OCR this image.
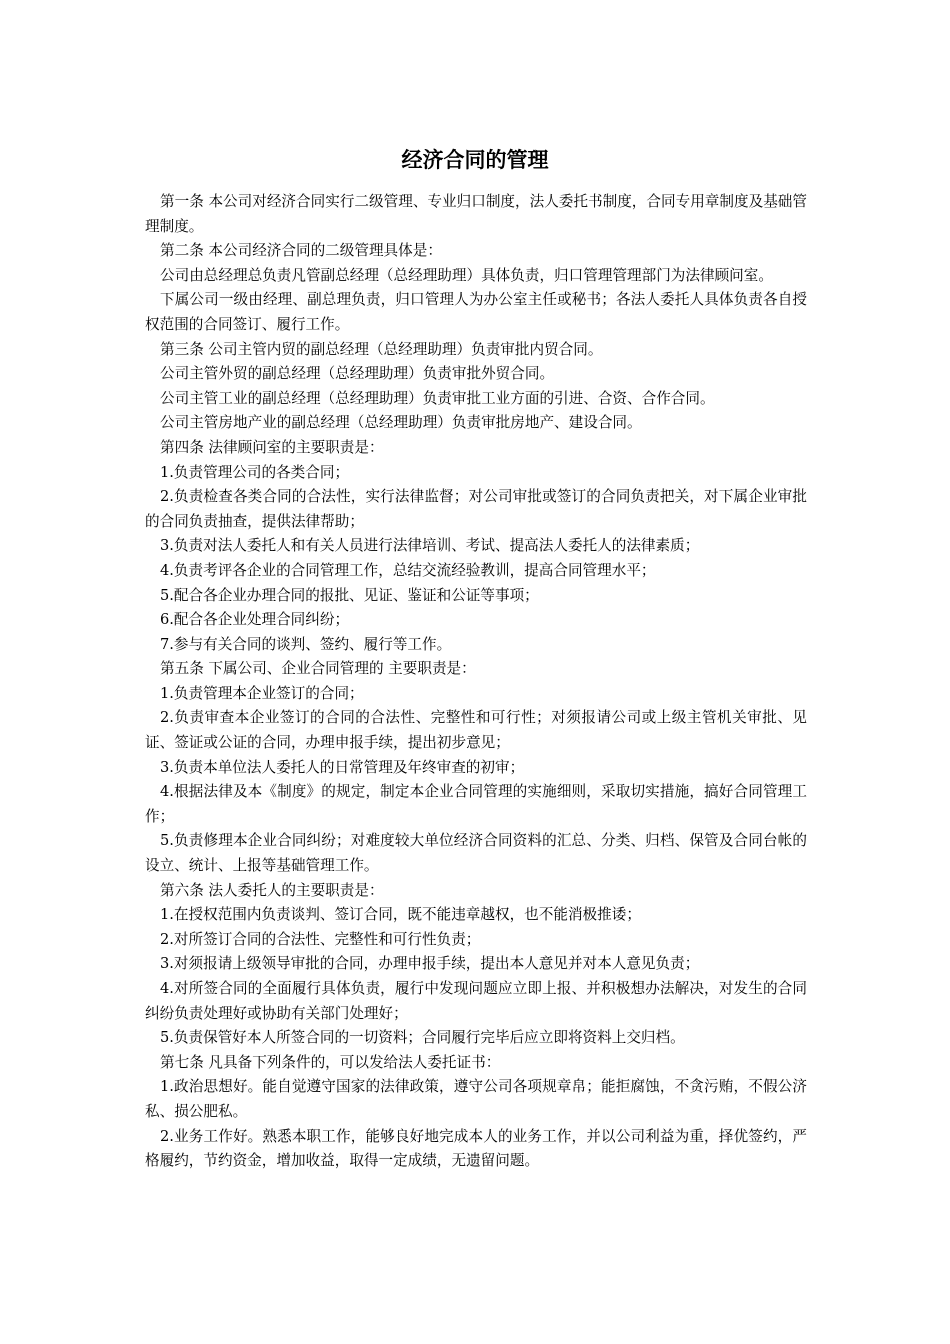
经济合同的管理

第一条 本公司对经济合同实行二级管理、专业归口制度，法人委托书制度，合同专用章制度及基础管理制度。

第二条 本公司经济合同的二级管理具体是：

公司由总经理总负责凡管副总经理（总经理助理）具体负责，归口管理管理部门为法律顾问室。

下属公司一级由经理、副总理负责，归口管理人为办公室主任或秘书；各法人委托人具体负责各自授权范围的合同签订、履行工作。

第三条 公司主管内贸的副总经理（总经理助理）负责审批内贸合同。

公司主管外贸的副总经理（总经理助理）负责审批外贸合同。

公司主管工业的副总经理（总经理助理）负责审批工业方面的引进、合资、合作合同。

公司主管房地产业的副总经理（总经理助理）负责审批房地产、建设合同。

第四条 法律顾问室的主要职责是：

1.负责管理公司的各类合同；

2.负责检查各类合同的合法性，实行法律监督；对公司审批或签订的合同负责把关，对下属企业审批的合同负责抽查，提供法律帮助；

3.负责对法人委托人和有关人员进行法律培训、考试、提高法人委托人的法律素质；

4.负责考评各企业的合同管理工作，总结交流经验教训，提高合同管理水平；

5.配合各企业办理合同的报批、见证、鉴证和公证等事项；

6.配合各企业处理合同纠纷；

7.参与有关合同的谈判、签约、履行等工作。

第五条 下属公司、企业合同管理的 主要职责是：

1.负责管理本企业签订的合同；

2.负责审查本企业签订的合同的合法性、完整性和可行性；对须报请公司或上级主管机关审批、见证、签证或公证的合同，办理申报手续，提出初步意见；

3.负责本单位法人委托人的日常管理及年终审查的初审；

4.根据法律及本《制度》的规定，制定本企业合同管理的实施细则，采取切实措施，搞好合同管理工作；

5.负责修理本企业合同纠纷；对难度较大单位经济合同资料的汇总、分类、归档、保管及合同台帐的设立、统计、上报等基础管理工作。

第六条 法人委托人的主要职责是：

1.在授权范围内负责谈判、签订合同，既不能违章越权，也不能消极推诿；

2.对所签订合同的合法性、完整性和可行性负责；

3.对须报请上级领导审批的合同，办理申报手续，提出本人意见并对本人意见负责；

4.对所签合同的全面履行具体负责，履行中发现问题应立即上报、并积极想办法解决，对发生的合同纠纷负责处理好或协助有关部门处理好；

5.负责保管好本人所签合同的一切资料；合同履行完毕后应立即将资料上交归档。

第七条 凡具备下列条件的，可以发给法人委托证书：

1.政治思想好。能自觉遵守国家的法律政策，遵守公司各项规章帛；能拒腐蚀，不贪污贿，不假公济私、损公肥私。

2.业务工作好。熟悉本职工作，能够良好地完成本人的业务工作，并以公司利益为重，择优签约，严格履约，节约资金，增加收益，取得一定成绩，无遗留问题。
